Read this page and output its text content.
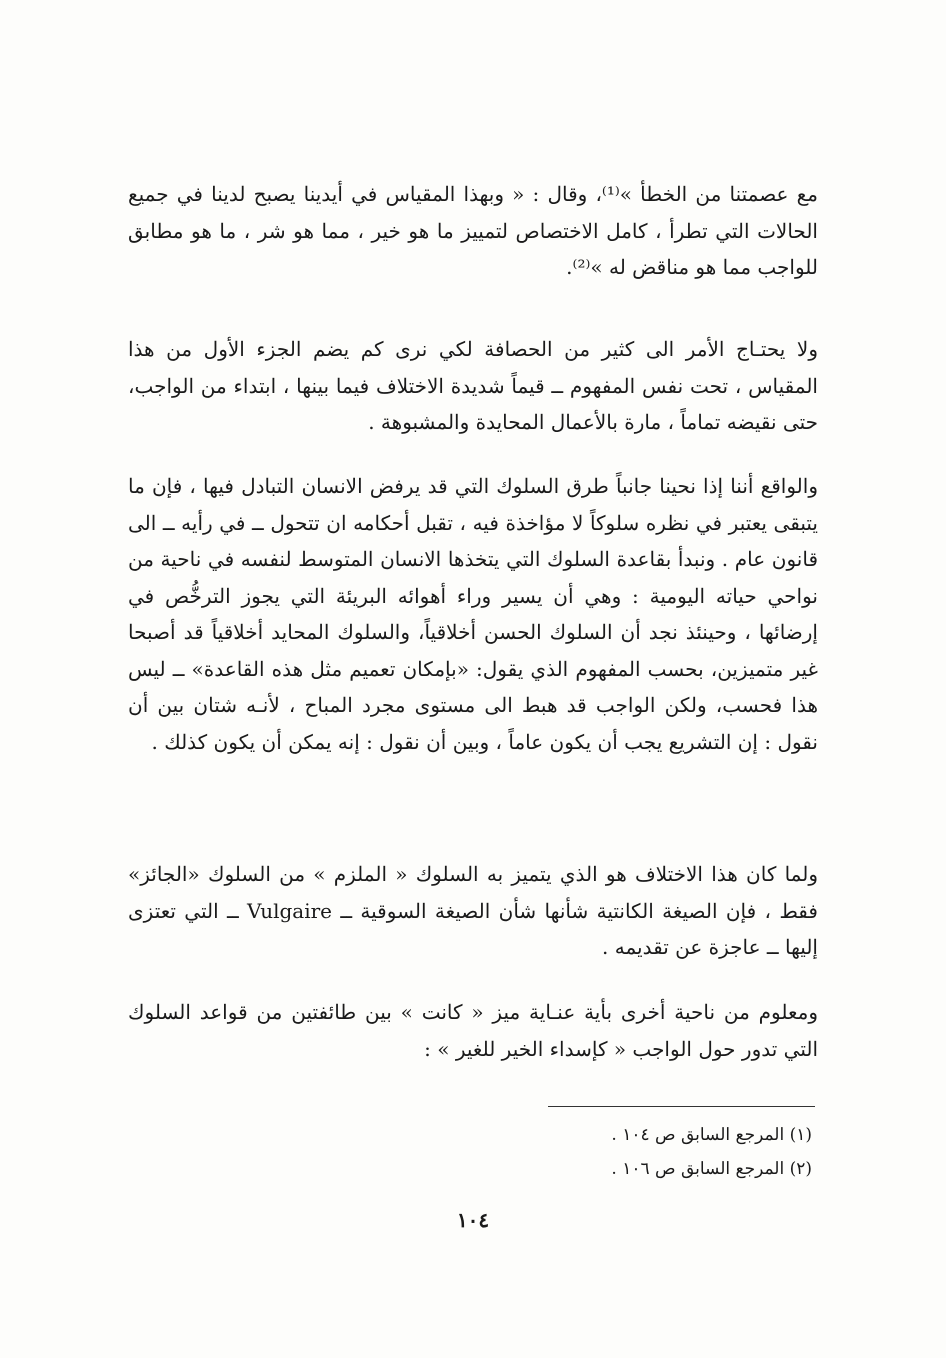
مع عصمتنا من الخطأ »⁽¹⁾، وقال : « وبهذا المقياس في أيدينا يصبح لدينا في جميع الحالات التي تطرأ ، كامل الاختصاص لتمييز ما هو خير ، مما هو شر ، ما هو مطابق للواجب مما هو مناقض له »⁽²⁾.

ولا يحتـاج الأمر الى كثير من الحصافة لكي نرى كم يضم الجزء الأول من هذا المقياس ، تحت نفس المفهوم ــ قيماً شديدة الاختلاف فيما بينها ، ابتداء من الواجب، حتى نقيضه تماماً ، مارة بالأعمال المحايدة والمشبوهة .

والواقع أننا إذا نحينا جانباً طرق السلوك التي قد يرفض الانسان التبادل فيها ، فإن ما يتبقى يعتبر في نظره سلوكاً لا مؤاخذة فيه ، تقبل أحكامه ان تتحول ــ في رأيه ــ الى قانون عام . ونبدأ بقاعدة السلوك التي يتخذها الانسان المتوسط لنفسه في ناحية من نواحي حياته اليومية : وهي أن يسير وراء أهوائه البريئة التي يجوز الترخُّص في إرضائها ، وحينئذ نجد أن السلوك الحسن أخلاقياً، والسلوك المحايد أخلاقياً قد أصبحا غير متميزين، بحسب المفهوم الذي يقول: «بإمكان تعميم مثل هذه القاعدة» ــ ليس هذا فحسب، ولكن الواجب قد هبط الى مستوى مجرد المباح ، لأنـه شتان بين أن نقول : إن التشريع يجب أن يكون عاماً ، وبين أن نقول : إنه يمكن أن يكون كذلك .

ولما كان هذا الاختلاف هو الذي يتميز به السلوك « الملزم » من السلوك «الجائز» فقط ، فإن الصيغة الكانتية شأنها شأن الصيغة السوقية ــ Vulgaire ــ التي تعتزى إليها ــ عاجزة عن تقديمه .

ومعلوم من ناحية أخرى بأية عنـاية ميز « كانت » بين طائفتين من قواعد السلوك التي تدور حول الواجب « كإسداء الخير للغير » :

(١) المرجع السابق ص ١٠٤ .

(٢) المرجع السابق ص ١٠٦ .

١٠٤
